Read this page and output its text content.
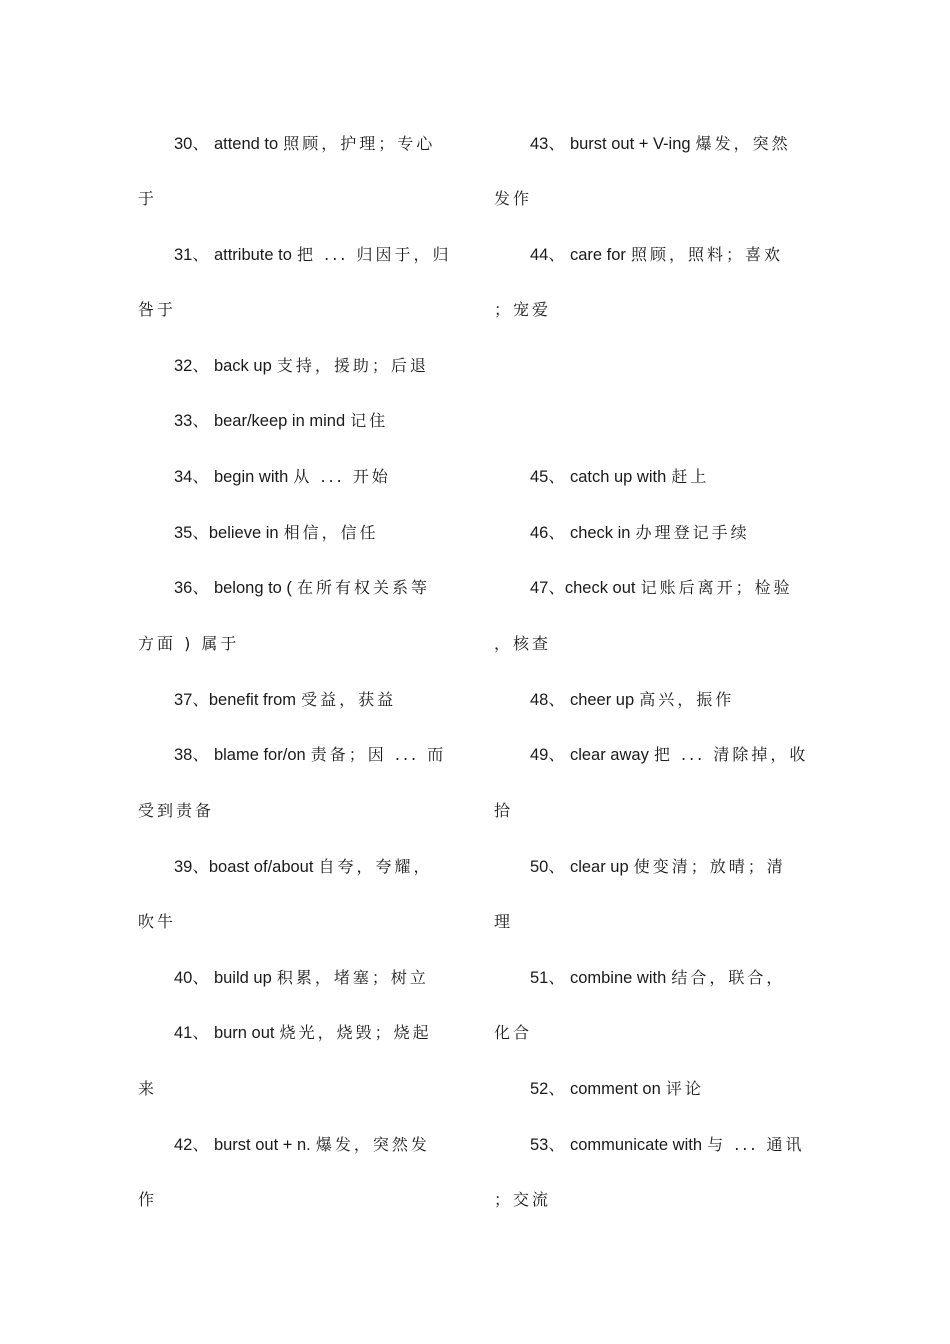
30、 attend to 照顾，护理；专心
于
31、 attribute to 把 ... 归因于，归
咎于
32、 back up 支持，援助；后退
33、 bear/keep in mind 记住
34、 begin with 从 ... 开始
35、believe in 相信，信任
36、 belong to ( 在所有权关系等
方面 ) 属于
37、benefit from 受益，获益
38、 blame for/on 责备；因 ... 而
受到责备
39、boast of/about 自夸，夸耀，
吹牛
40、 build up 积累，堵塞；树立
41、 burn out 烧光，烧毁；烧起
来
42、 burst out + n. 爆发，突然发
作
43、 burst out + V-ing 爆发，突然
发作
44、 care for 照顾，照料；喜欢
；宠爱
45、 catch up with 赶上
46、 check in 办理登记手续
47、check out 记账后离开；检验
，核查
48、 cheer up 高兴，振作
49、 clear away 把 ... 清除掉，收
拾
50、 clear up 使变清；放晴；清
理
51、 combine with 结合，联合，
化合
52、 comment on 评论
53、 communicate with 与 ... 通讯
；交流
